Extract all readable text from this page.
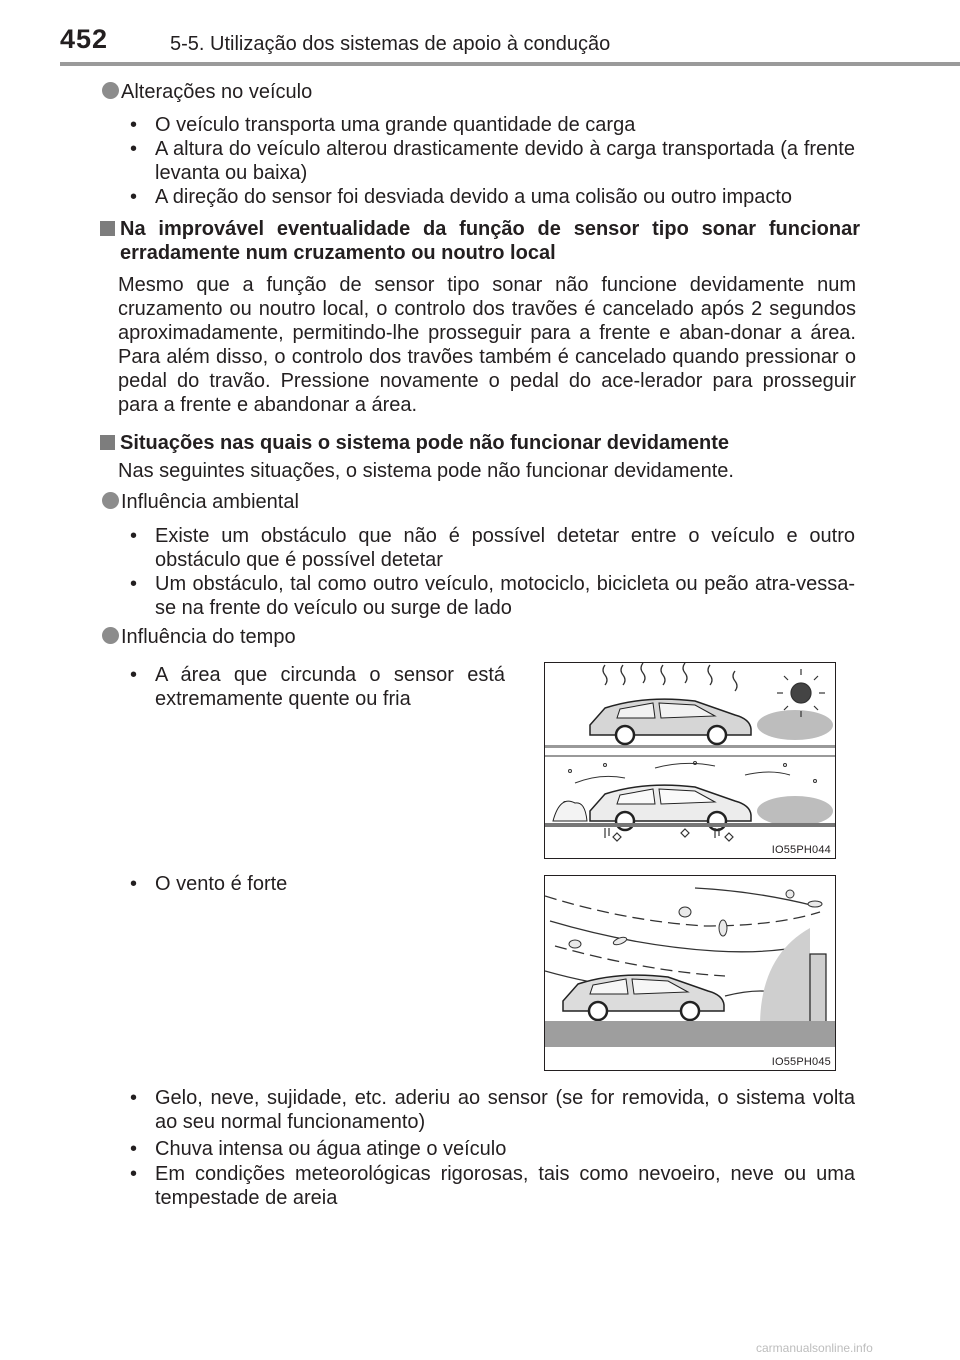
452	5-5. Utilização dos sistemas de apoio à condução
Alterações no veículo
• O veículo transporta uma grande quantidade de carga
• A altura do veículo alterou drasticamente devido à carga transportada (a frente levanta ou baixa)
• A direção do sensor foi desviada devido a uma colisão ou outro impacto
Na improvável eventualidade da função de sensor tipo sonar funcionar erradamente num cruzamento ou noutro local
Mesmo que a função de sensor tipo sonar não funcione devidamente num cruzamento ou noutro local, o controlo dos travões é cancelado após 2 segundos aproximadamente, permitindo-lhe prosseguir para a frente e aban-donar a área. Para além disso, o controlo dos travões também é cancelado quando pressionar o pedal do travão. Pressione novamente o pedal do ace-lerador para prosseguir para a frente e abandonar a área.
Situações nas quais o sistema pode não funcionar devidamente
Nas seguintes situações, o sistema pode não funcionar devidamente.
Influência ambiental
• Existe um obstáculo que não é possível detetar entre o veículo e outro obstáculo que é possível detetar
• Um obstáculo, tal como outro veículo, motociclo, bicicleta ou peão atra-vessa-se na frente do veículo ou surge de lado
Influência do tempo
• A área que circunda o sensor está extremamente quente ou fria
• O vento é forte
IO55PH044
IO55PH045
• Gelo, neve, sujidade, etc. aderiu ao sensor (se for removida, o sistema volta ao seu normal funcionamento)
• Chuva intensa ou água atinge o veículo
• Em condições meteorológicas rigorosas, tais como nevoeiro, neve ou uma tempestade de areia
carmanualsonline.info
